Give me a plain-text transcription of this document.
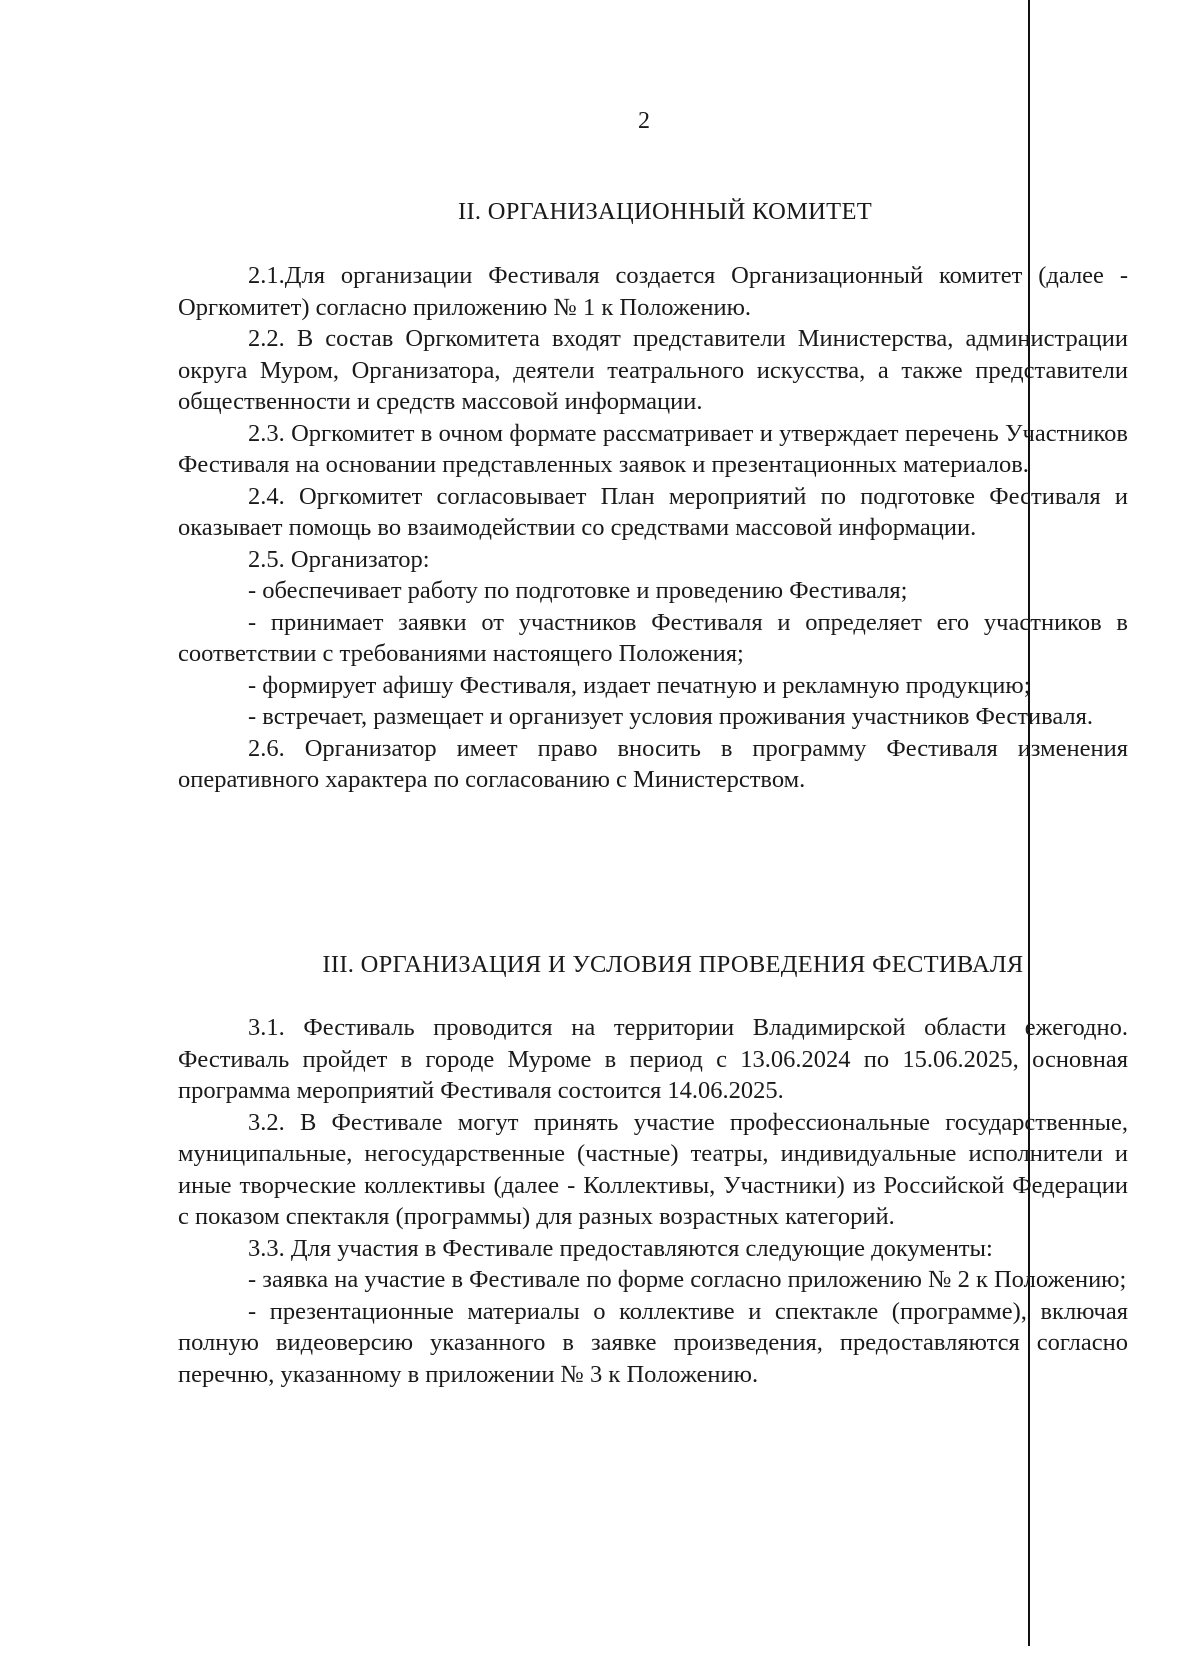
2
II. ОРГАНИЗАЦИОННЫЙ КОМИТЕТ

2.1.Для организации Фестиваля создается Организационный комитет (далее - Оргкомитет) согласно приложению № 1 к Положению.

2.2. В состав Оргкомитета входят представители Министерства, администрации округа Муром, Организатора, деятели театрального искусства, а также представители общественности и средств массовой информации.

2.3. Оргкомитет в очном формате рассматривает и утверждает перечень Участников Фестиваля на основании представленных заявок и презентационных материалов.

2.4. Оргкомитет согласовывает План мероприятий по подготовке Фестиваля и оказывает помощь во взаимодействии со средствами массовой информации.

2.5. Организатор:

- обеспечивает работу по подготовке и проведению Фестиваля;

- принимает заявки от участников Фестиваля и определяет его участников в соответствии с требованиями настоящего Положения;

- формирует афишу Фестиваля, издает печатную и рекламную продукцию;

- встречает, размещает и организует условия проживания участников Фестиваля.

2.6. Организатор имеет право вносить в программу Фестиваля изменения оперативного характера по согласованию с Министерством.

III. ОРГАНИЗАЦИЯ И УСЛОВИЯ ПРОВЕДЕНИЯ ФЕСТИВАЛЯ

3.1. Фестиваль проводится на территории Владимирской области ежегодно. Фестиваль пройдет в городе Муроме в период с 13.06.2024 по 15.06.2025, основная программа мероприятий Фестиваля состоится 14.06.2025.

3.2. В Фестивале могут принять участие профессиональные государственные, муниципальные, негосударственные (частные) театры, индивидуальные исполнители и иные творческие коллективы (далее - Коллективы, Участники) из Российской Федерации с показом спектакля (программы) для разных возрастных категорий.

3.3. Для участия в Фестивале предоставляются следующие документы:

- заявка на участие в Фестивале по форме согласно приложению № 2 к Положению;

- презентационные материалы о коллективе и спектакле (программе), включая полную видеоверсию указанного в заявке произведения, предоставляются согласно перечню, указанному в приложении № 3 к Положению.
